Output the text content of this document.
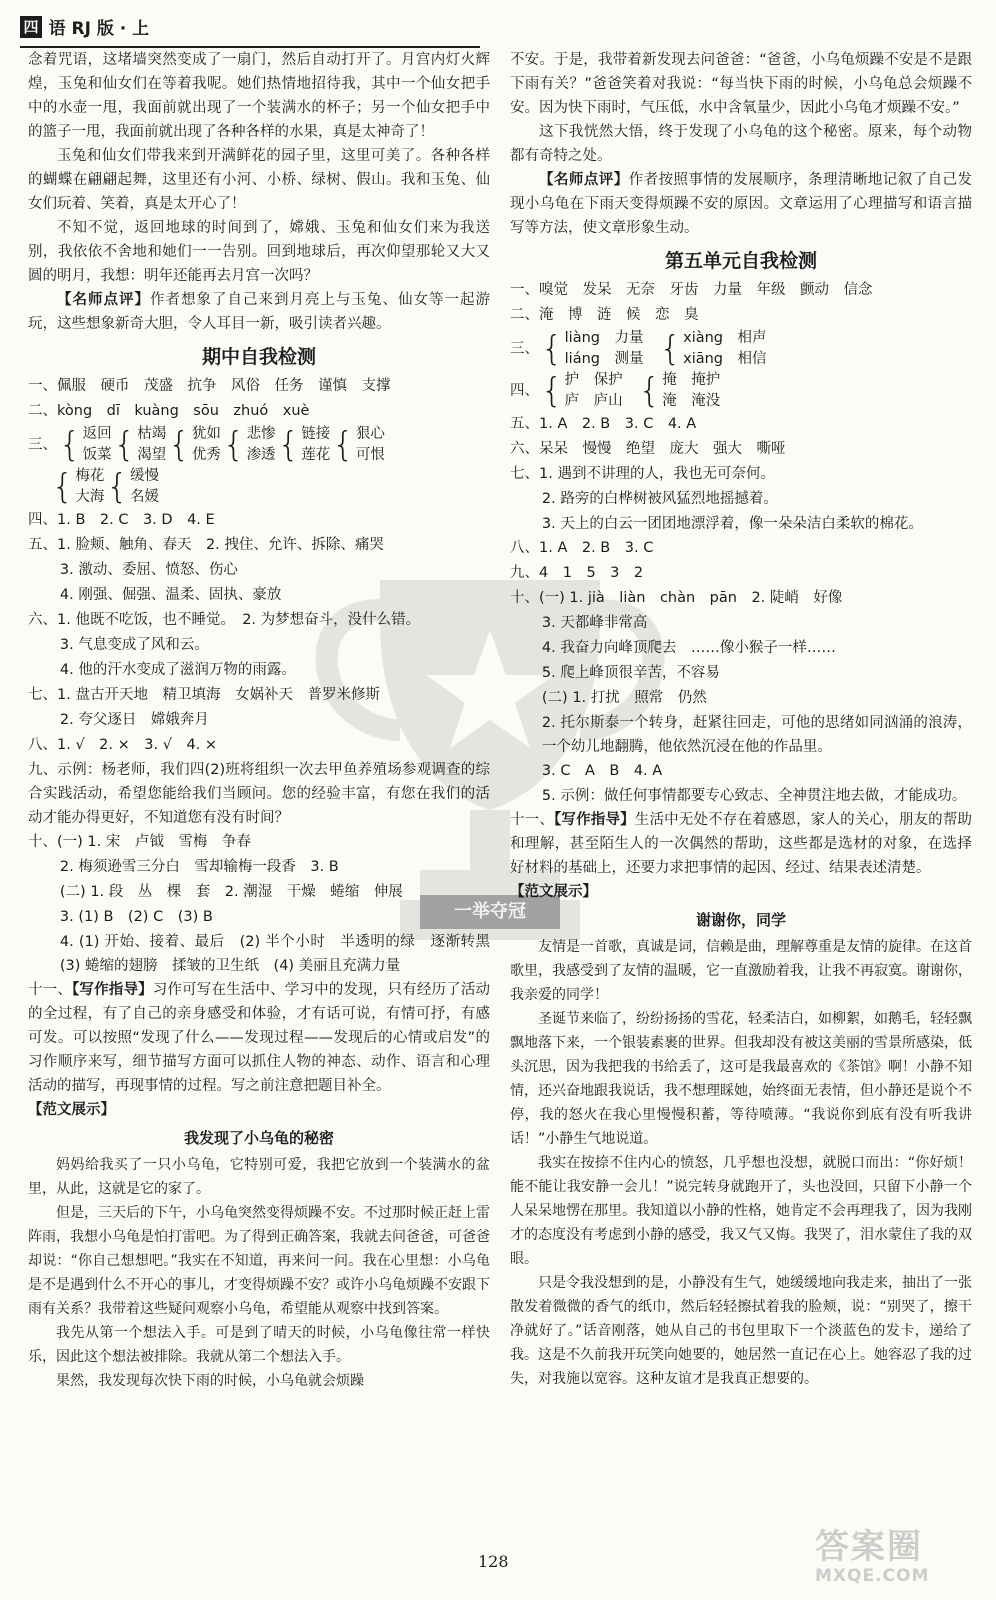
四 语 RJ 版 · 上
一举夺冠

念着咒语，这堵墙突然变成了一扇门，然后自动打开了。月宫内灯火辉煌，玉兔和仙女们在等着我呢。她们热情地招待我，其中一个仙女把手中的水壶一甩，我面前就出现了一个装满水的杯子；另一个仙女把手中的篮子一甩，我面前就出现了各种各样的水果，真是太神奇了！

玉兔和仙女们带我来到开满鲜花的园子里，这里可美了。各种各样的蝴蝶在翩翩起舞，这里还有小河、小桥、绿树、假山。我和玉兔、仙女们玩着、笑着，真是太开心了！

不知不觉，返回地球的时间到了，嫦娥、玉兔和仙女们来为我送别，我依依不舍地和她们一一告别。回到地球后，再次仰望那轮又大又圆的明月，我想：明年还能再去月宫一次吗？

【名师点评】作者想象了自己来到月亮上与玉兔、仙女等一起游玩，这些想象新奇大胆，令人耳目一新，吸引读者兴趣。

期中自我检测

一、佩服　硬币　茂盛　抗争　风俗　任务　谨慎　支撑

二、kòng　dī　kuàng　sōu　zhuó　xuè

三、 { 返回
饭菜 { 枯竭
渴望 { 犹如
优秀 { 悲惨
渗透 { 链接
莲花 { 狠心
可恨
{ 梅花
大海 { 缓慢
名媛

四、1. B　2. C　3. D　4. E

五、1. 脸颊、触角、春天　2. 拽住、允许、拆除、痛哭

3. 激动、委屈、愤怒、伤心

4. 刚强、倔强、温柔、固执、豪放

六、1. 他既不吃饭，也不睡觉。　2. 为梦想奋斗，没什么错。

3. 气息变成了风和云。

4. 他的汗水变成了滋润万物的雨露。

七、1. 盘古开天地　精卫填海　女娲补天　普罗米修斯

2. 夸父逐日　嫦娥奔月

八、1. √　2. ×　3. √　4. ×

九、示例：杨老师，我们四(2)班将组织一次去甲鱼养殖场参观调查的综合实践活动，希望您能给我们当顾问。您的经验丰富，有您在我们的活动才能办得更好，不知道您有没有时间？

十、(一) 1. 宋　卢钺　雪梅　争春

2. 梅须逊雪三分白　雪却输梅一段香　3. B

(二) 1. 段　丛　棵　套　2. 潮湿　干燥　蜷缩　伸展

3. (1) B　(2) C　(3) B

4. (1) 开始、接着、最后　(2) 半个小时　半透明的绿　逐渐转黑　(3) 蜷缩的翅膀　揉皱的卫生纸　(4) 美丽且充满力量

十一、【写作指导】习作可写在生活中、学习中的发现，只有经历了活动的全过程，有了自己的亲身感受和体验，才有话可说，有情可抒，有感可发。可以按照“发现了什么——发现过程——发现后的心情或启发”的习作顺序来写，细节描写方面可以抓住人物的神态、动作、语言和心理活动的描写，再现事情的过程。写之前注意把题目补全。

【范文展示】

我发现了小乌龟的秘密

妈妈给我买了一只小乌龟，它特别可爱，我把它放到一个装满水的盆里，从此，这就是它的家了。

但是，三天后的下午，小乌龟突然变得烦躁不安。不过那时候正赶上雷阵雨，我想小乌龟是怕打雷吧。为了得到正确答案，我就去问爸爸，可爸爸却说：“你自己想想吧。”我实在不知道，再来问一问。我在心里想：小乌龟是不是遇到什么不开心的事儿，才变得烦躁不安？或许小乌龟烦躁不安跟下雨有关系？我带着这些疑问观察小乌龟，希望能从观察中找到答案。

我先从第一个想法入手。可是到了晴天的时候，小乌龟像往常一样快乐，因此这个想法被排除。我就从第二个想法入手。

果然，我发现每次快下雨的时候，小乌龟就会烦躁

不安。于是，我带着新发现去问爸爸：“爸爸，小乌龟烦躁不安是不是跟下雨有关？”爸爸笑着对我说：“每当快下雨的时候，小乌龟总会烦躁不安。因为快下雨时，气压低，水中含氧量少，因此小乌龟才烦躁不安。”

这下我恍然大悟，终于发现了小乌龟的这个秘密。原来，每个动物都有奇特之处。

【名师点评】作者按照事情的发展顺序，条理清晰地记叙了自己发现小乌龟在下雨天变得烦躁不安的原因。文章运用了心理描写和语言描写等方法，使文章形象生动。

第五单元自我检测

一、嗅觉　发呆　无奈　牙齿　力量　年级　颤动　信念

二、淹　博　涟　候　恋　臭

三、 { liàng　力量
liáng　测量 { xiàng　相声
xiāng　相信
四、 { 护　保护
庐　庐山 { 掩　掩护
淹　淹没

五、1. A　2. B　3. C　4. A

六、呆呆　慢慢　绝望　庞大　强大　嘶哑

七、1. 遇到不讲理的人，我也无可奈何。

2. 路旁的白桦树被风猛烈地摇撼着。

3. 天上的白云一团团地漂浮着，像一朵朵洁白柔软的棉花。

八、1. A　2. B　3. C

九、4　1　5　3　2

十、(一) 1. jià　liàn　chàn　pān　2. 陡峭　好像

3. 天都峰非常高

4. 我奋力向峰顶爬去　……像小猴子一样……

5. 爬上峰顶很辛苦，不容易

(二) 1. 打扰　照常　仍然

2. 托尔斯泰一个转身，赶紧往回走，可他的思绪如同汹涌的浪涛，一个幼儿地翻腾，他依然沉浸在他的作品里。

3. C　A　B　4. A

5. 示例：做任何事情都要专心致志、全神贯注地去做，才能成功。

十一、【写作指导】生活中无处不存在着感恩，家人的关心，朋友的帮助和理解，甚至陌生人的一次偶然的帮助，这些都是选材的对象，在选择好材料的基础上，还要力求把事情的起因、经过、结果表述清楚。

【范文展示】

谢谢你，同学

友情是一首歌，真诚是词，信赖是曲，理解尊重是友情的旋律。在这首歌里，我感受到了友情的温暖，它一直激励着我，让我不再寂寞。谢谢你，我亲爱的同学！

圣诞节来临了，纷纷扬扬的雪花，轻柔洁白，如柳絮，如鹅毛，轻轻飘飘地落下来，一个银装素裹的世界。但我却没有被这美丽的雪景所感染，低头沉思，因为我把我的书给丢了，这可是我最喜欢的《茶馆》啊！小静不知情，还兴奋地跟我说话，我不想理睬她，始终面无表情，但小静还是说个不停，我的怒火在我心里慢慢积蓄，等待喷薄。“我说你到底有没有听我讲话！”小静生气地说道。

我实在按捺不住内心的愤怒，几乎想也没想，就脱口而出：“你好烦！能不能让我安静一会儿！”说完转身就跑开了，头也没回，只留下小静一个人呆呆地愣在那里。我知道以小静的性格，她肯定不会再理我了，因为我刚才的态度没有考虑到小静的感受，我又气又悔。我哭了，泪水蒙住了我的双眼。

只是令我没想到的是，小静没有生气，她缓缓地向我走来，抽出了一张散发着微微的香气的纸巾，然后轻轻擦拭着我的脸颊，说：“别哭了，擦干净就好了。”话音刚落，她从自己的书包里取下一个淡蓝色的发卡，递给了我。这是不久前我开玩笑向她要的，她居然一直记在心上。她容忍了我的过失，对我施以宽容。这种友谊才是我真正想要的。

128	答案圈
MXQE.COM
